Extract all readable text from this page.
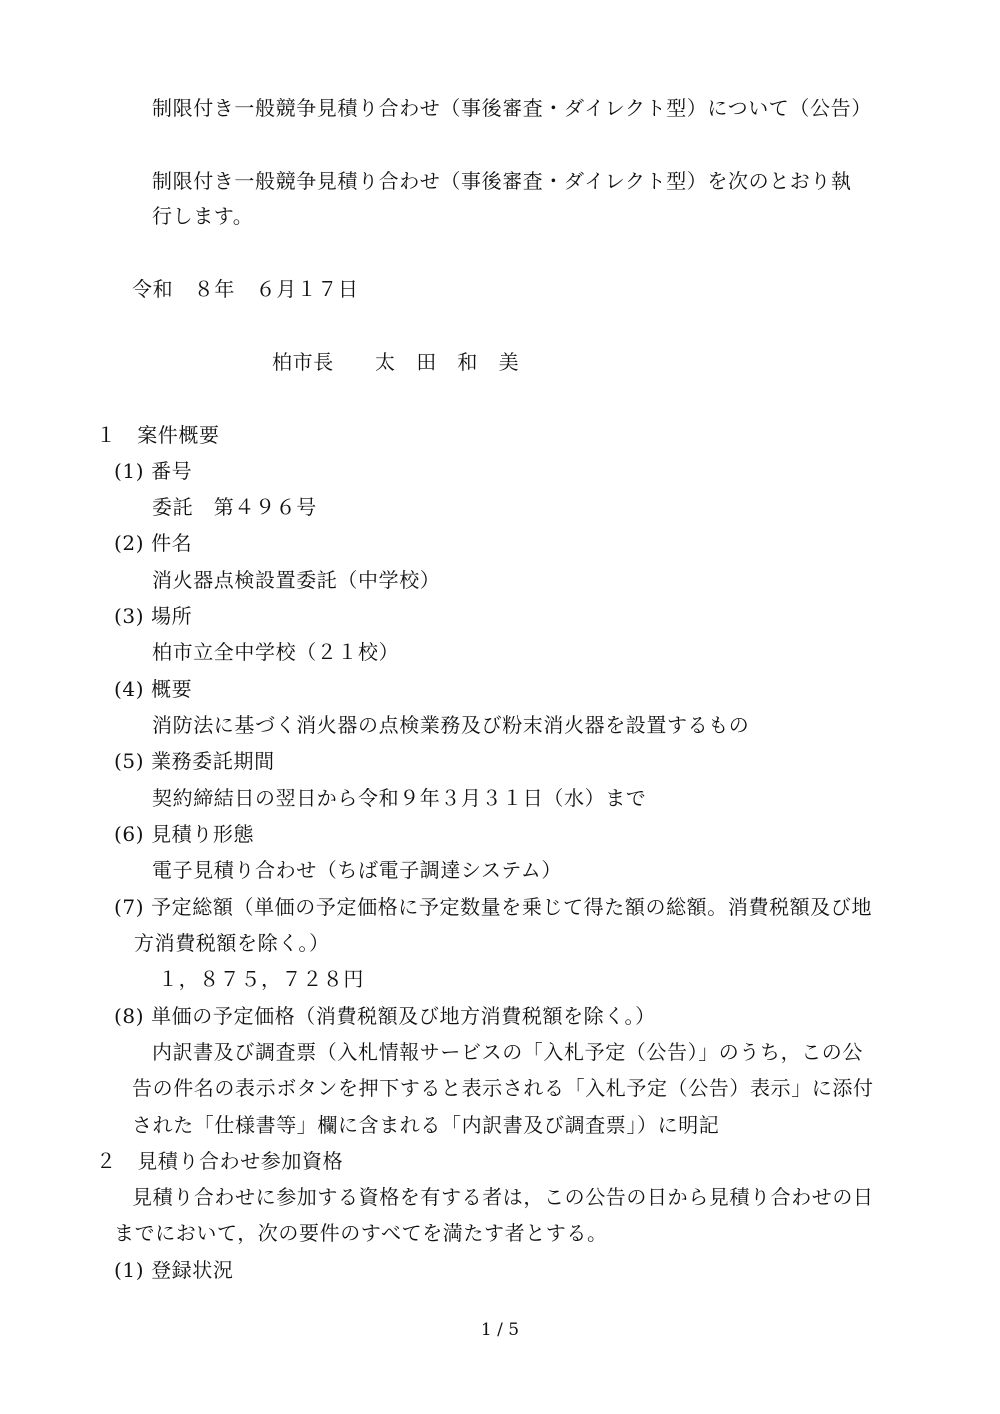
制限付き一般競争見積り合わせ（事後審査・ダイレクト型）について（公告）
制限付き一般競争見積り合わせ（事後審査・ダイレクト型）を次のとおり執
行します。
令和　８年　６月１７日
柏市長　　太　田　和　美
１　案件概要
(1) 番号
委託　第４９６号
(2) 件名
消火器点検設置委託（中学校）
(3) 場所
柏市立全中学校（２１校）
(4) 概要
消防法に基づく消火器の点検業務及び粉末消火器を設置するもの
(5) 業務委託期間
契約締結日の翌日から令和９年３月３１日（水）まで
(6) 見積り形態
電子見積り合わせ（ちば電子調達システム）
(7) 予定総額（単価の予定価格に予定数量を乗じて得た額の総額。消費税額及び地
方消費税額を除く。）
１，８７５，７２８円
(8) 単価の予定価格（消費税額及び地方消費税額を除く。）
内訳書及び調査票（入札情報サービスの「入札予定（公告）」のうち，この公
告の件名の表示ボタンを押下すると表示される「入札予定（公告）表示」に添付
された「仕様書等」欄に含まれる「内訳書及び調査票」）に明記
２　見積り合わせ参加資格
見積り合わせに参加する資格を有する者は，この公告の日から見積り合わせの日
までにおいて，次の要件のすべてを満たす者とする。
(1) 登録状況
1 / 5
